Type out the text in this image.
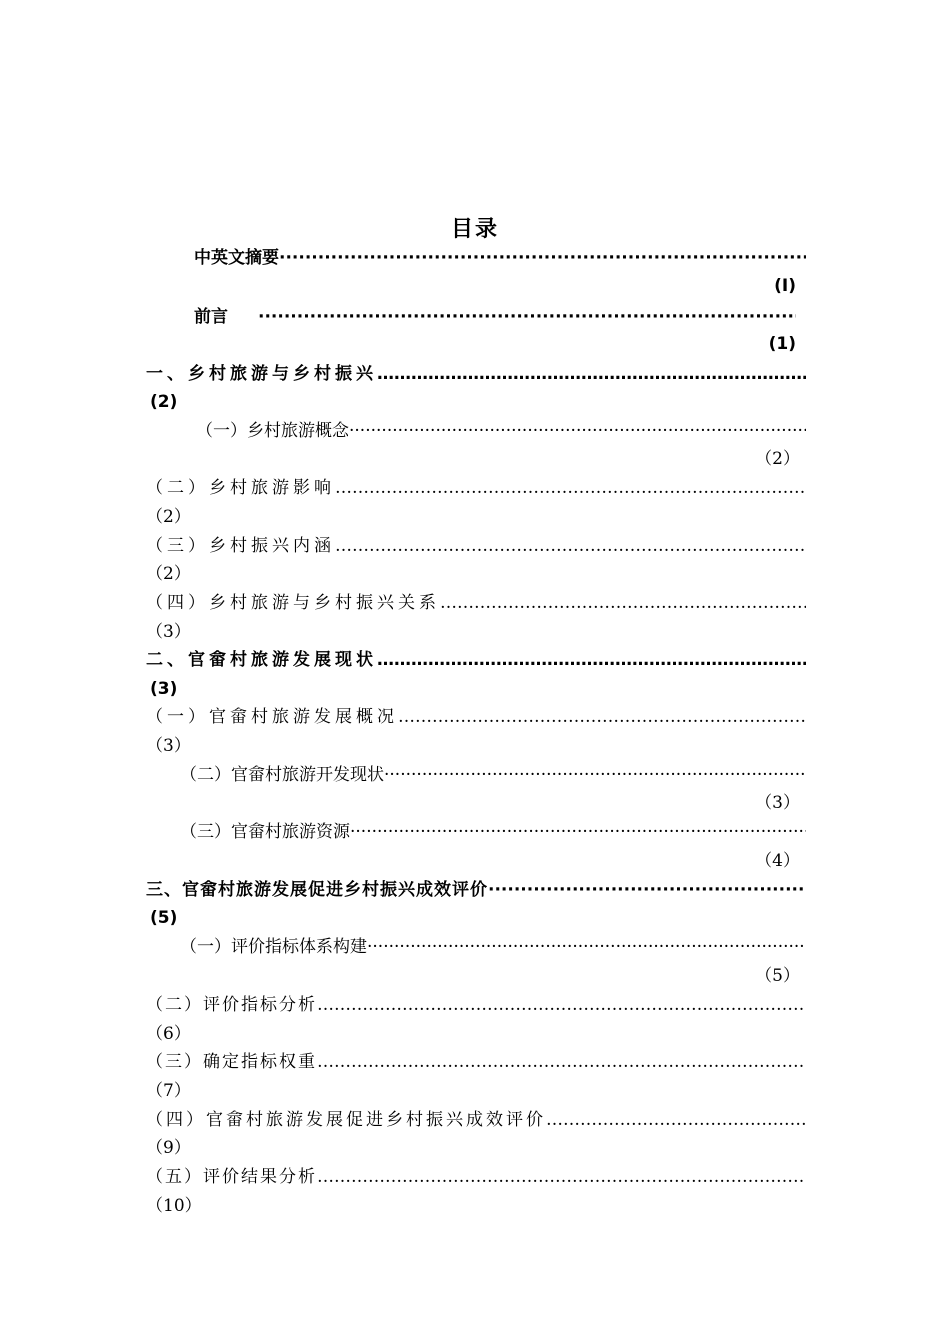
目录
中英文摘要
·····
(I)
前言
·····
(1)
一、乡村旅游与乡村振兴
…………………………………………………………………………………………………………………………………………………………………………………………………………………
(2)
（一）乡村旅游概念
·····
（2）
（二）乡村旅游影响
…………………………………………………………………………………………………………………………………………………………………………………………………………………
（2）
（三）乡村振兴内涵
…………………………………………………………………………………………………………………………………………………………………………………………………………………
（2）
（四）乡村旅游与乡村振兴关系
…………………………………………………………………………………………………………………………………………………………………………………………………………………
（3）
二、官畲村旅游发展现状
…………………………………………………………………………………………………………………………………………………………………………………………………………………
(3)
（一）官畲村旅游发展概况
…………………………………………………………………………………………………………………………………………………………………………………………………………………
（3）
（二）官畲村旅游开发现状
·····
（3）
（三）官畲村旅游资源
·····
（4）
三、官畲村旅游发展促进乡村振兴成效评价
·····
(5)
（一）评价指标体系构建
·····
（5）
（二）评价指标分析
…………………………………………………………………………………………………………………………………………………………………………………………………………………
（6）
（三）确定指标权重
…………………………………………………………………………………………………………………………………………………………………………………………………………………
（7）
（四）官畲村旅游发展促进乡村振兴成效评价
…………………………………………………………………………………………………………………………………………………………………………………………………………………
（9）
（五）评价结果分析
…………………………………………………………………………………………………………………………………………………………………………………………………………………
（10）
